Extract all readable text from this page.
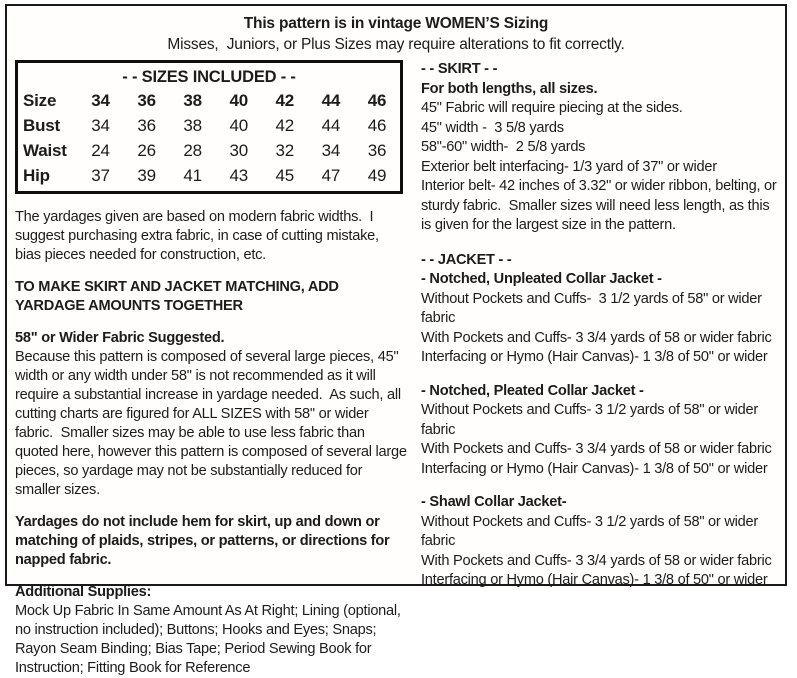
This pattern is in vintage WOMEN’S Sizing
Misses,  Juniors, or Plus Sizes may require alterations to fit correctly.
- - SIZES INCLUDED - -							
Size	34	36	38	40	42	44	46
Bust	34	36	38	40	42	44	46
Waist	24	26	28	30	32	34	36
Hip	37	39	41	43	45	47	49

The yardages given are based on modern fabric widths.  I suggest purchasing extra fabric, in case of cutting mistake, bias pieces needed for construction, etc.

TO MAKE SKIRT AND JACKET MATCHING, ADD YARDAGE AMOUNTS TOGETHER

58" or Wider Fabric Suggested.
Because this pattern is composed of several large pieces, 45" width or any width under 58" is not recommended as it will require a substantial increase in yardage needed.  As such, all cutting charts are figured for ALL SIZES with 58" or wider fabric.  Smaller sizes may be able to use less fabric than quoted here, however this pattern is composed of several large pieces, so yardage may not be substantially reduced for smaller sizes.

Yardages do not include hem for skirt, up and down or matching of plaids, stripes, or patterns, or directions for napped fabric.

Additional Supplies:
Mock Up Fabric In Same Amount As At Right; Lining (optional, no instruction included); Buttons; Hooks and Eyes; Snaps; Rayon Seam Binding; Bias Tape; Period Sewing Book for Instruction; Fitting Book for Reference
- - SKIRT - -
For both lengths, all sizes.
45" Fabric will require piecing at the sides.
45" width -  3 5/8 yards
58"-60" width-  2 5/8 yards
Exterior belt interfacing- 1/3 yard of 37" or wider
Interior belt- 42 inches of 3.32" or wider ribbon, belting, or sturdy fabric.  Smaller sizes will need less length, as this is given for the largest size in the pattern.
- - JACKET - -
- Notched, Unpleated Collar Jacket -
Without Pockets and Cuffs-  3 1/2 yards of 58" or wider fabric
With Pockets and Cuffs- 3 3/4 yards of 58 or wider fabric
Interfacing or Hymo (Hair Canvas)- 1 3/8 of 50" or wider
- Notched, Pleated Collar Jacket -
Without Pockets and Cuffs- 3 1/2 yards of 58" or wider fabric
With Pockets and Cuffs- 3 3/4 yards of 58 or wider fabric
Interfacing or Hymo (Hair Canvas)- 1 3/8 of 50" or wider
- Shawl Collar Jacket-
Without Pockets and Cuffs- 3 1/2 yards of 58" or wider fabric
With Pockets and Cuffs- 3 3/4 yards of 58 or wider fabric
Interfacing or Hymo (Hair Canvas)- 1 3/8 of 50" or wider
